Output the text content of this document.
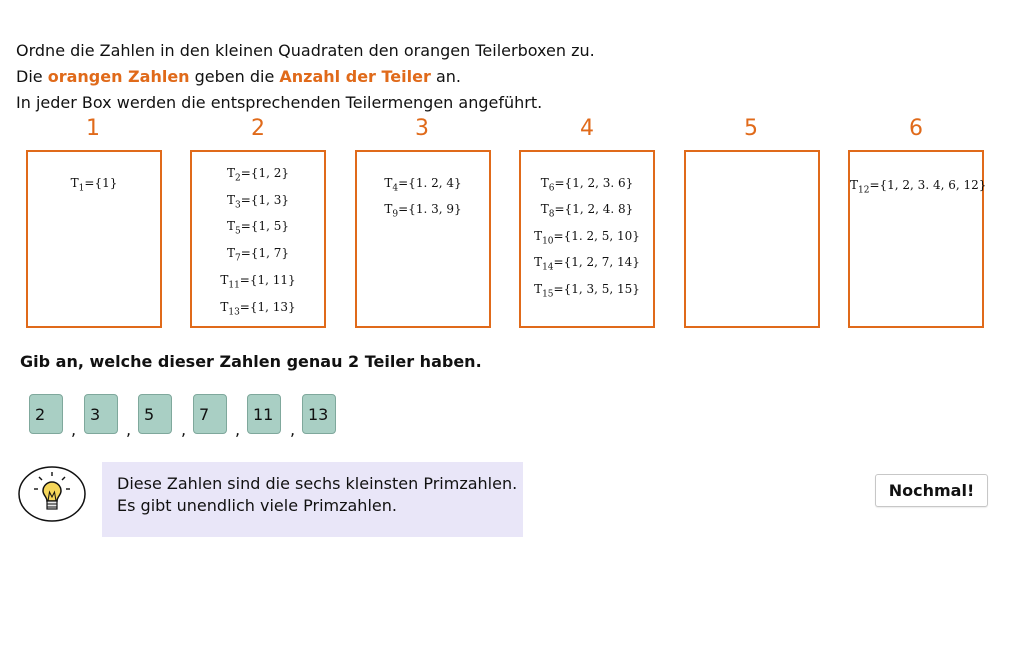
Ordne die Zahlen in den kleinen Quadraten den orangen Teilerboxen zu.

Die orangen Zahlen geben die Anzahl der Teiler an.

In jeder Box werden die entsprechenden Teilermengen angeführt.

1	2	3	4	5	6
$T_1=\{1\}$
$T_2=\{1$, 2}
$T_3=\{1$, 3}
$T_5=\{1$, 5}
$T_7=\{1$, 7}
$T_{11}=\{1$, 11}
$T_{13}=\{1$, 13}
$T_4=\{1$. 2, 4}
$T_9=\{1$. 3, 9}
$T_6=\{1$, 2, 3. 6}
$T_8=\{1$, 2, 4. 8}
$T_{10}=\{1$. 2, 5, 10}
$T_{14}=\{1$, 2, 7, 14}
$T_{15}=\{1$, 3, 5, 15}
$T_{12}=\{1$, 2, 3. 4, 6, 12}
Gib an, welche dieser Zahlen genau 2 Teiler haben.
2
,
3
,
5
,
7
,
11
,
13

Diese Zahlen sind die sechs kleinsten Primzahlen.

Es gibt unendlich viele Primzahlen.

Nochmal!
